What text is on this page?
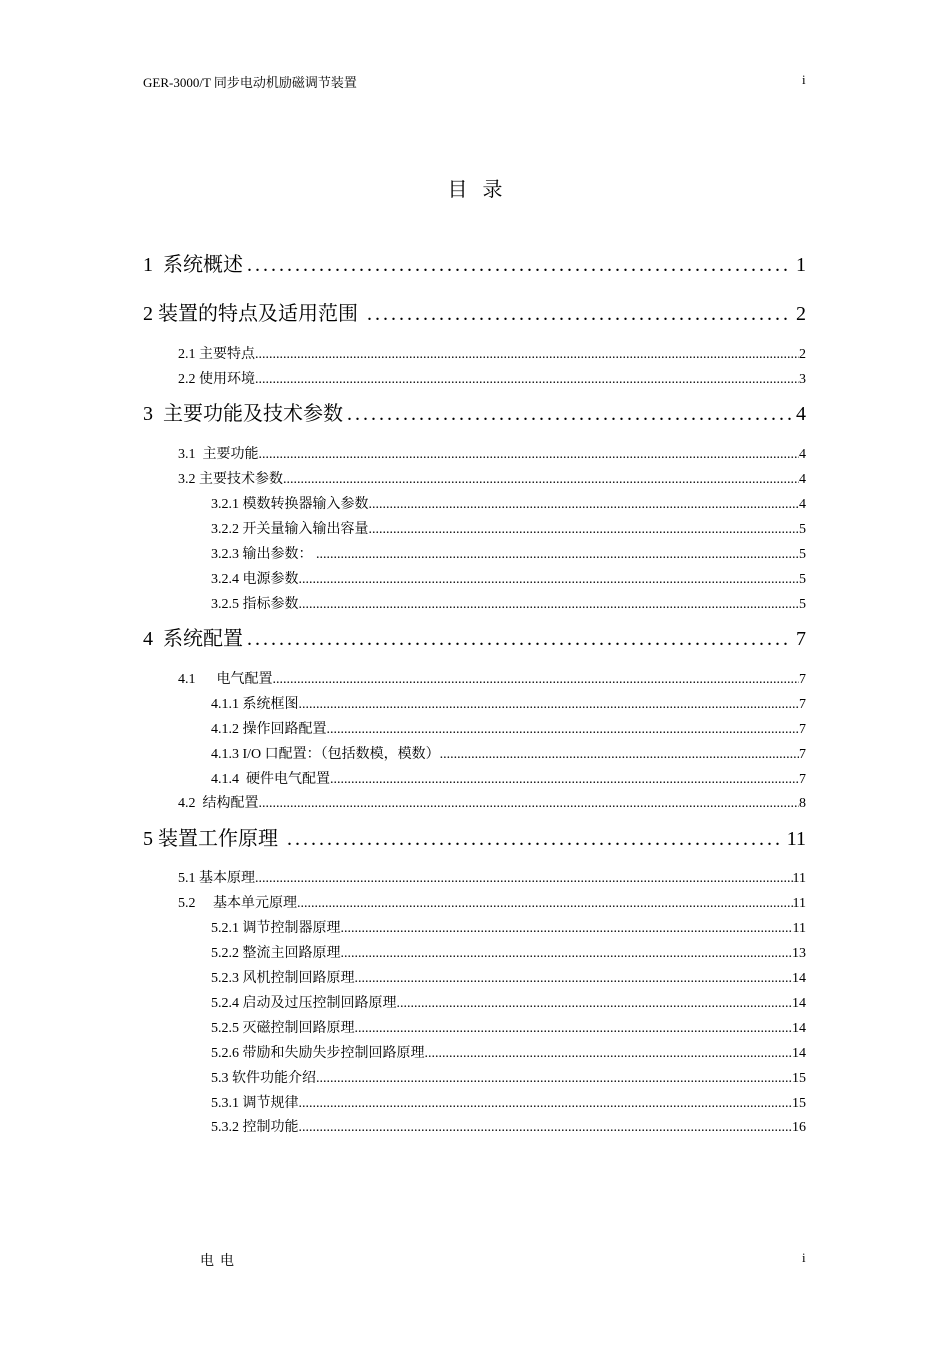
GER-3000/T 同步电动机励磁调节装置	i
目   录
1  系统概述 .....	1
2 装置的特点及适用范围 .....	2
2.1 主要特点 .....	2
2.2 使用环境 .....	3
3  主要功能及技术参数 .....	4
3.1  主要功能 .....	4
3.2 主要技术参数 .....	4
3.2.1 模数转换器输入参数 .....	4
3.2.2 开关量输入输出容量 .....	5
3.2.3 输出参数： .....	5
3.2.4 电源参数 .....	5
3.2.5 指标参数 .....	5
4  系统配置 .....	7
4.1      电气配置 .....	7
4.1.1 系统框图 .....	7
4.1.2 操作回路配置 .....	7
4.1.3 I/O 口配置：（包括数模，模数） .....	7
4.1.4  硬件电气配置 .....	7
4.2  结构配置 .....	8
5 装置工作原理 .....	11
5.1 基本原理 .....	11
5.2     基本单元原理 .....	11
5.2.1 调节控制器原理 .....	11
5.2.2 整流主回路原理 .....	13
5.2.3 风机控制回路原理 .....	14
5.2.4 启动及过压控制回路原理 .....	14
5.2.5 灭磁控制回路原理 .....	14
5.2.6 带励和失励失步控制回路原理 .....	14
5.3 软件功能介绍 .....	15
5.3.1 调节规律 .....	15
5.3.2 控制功能 .....	16
电电	i
